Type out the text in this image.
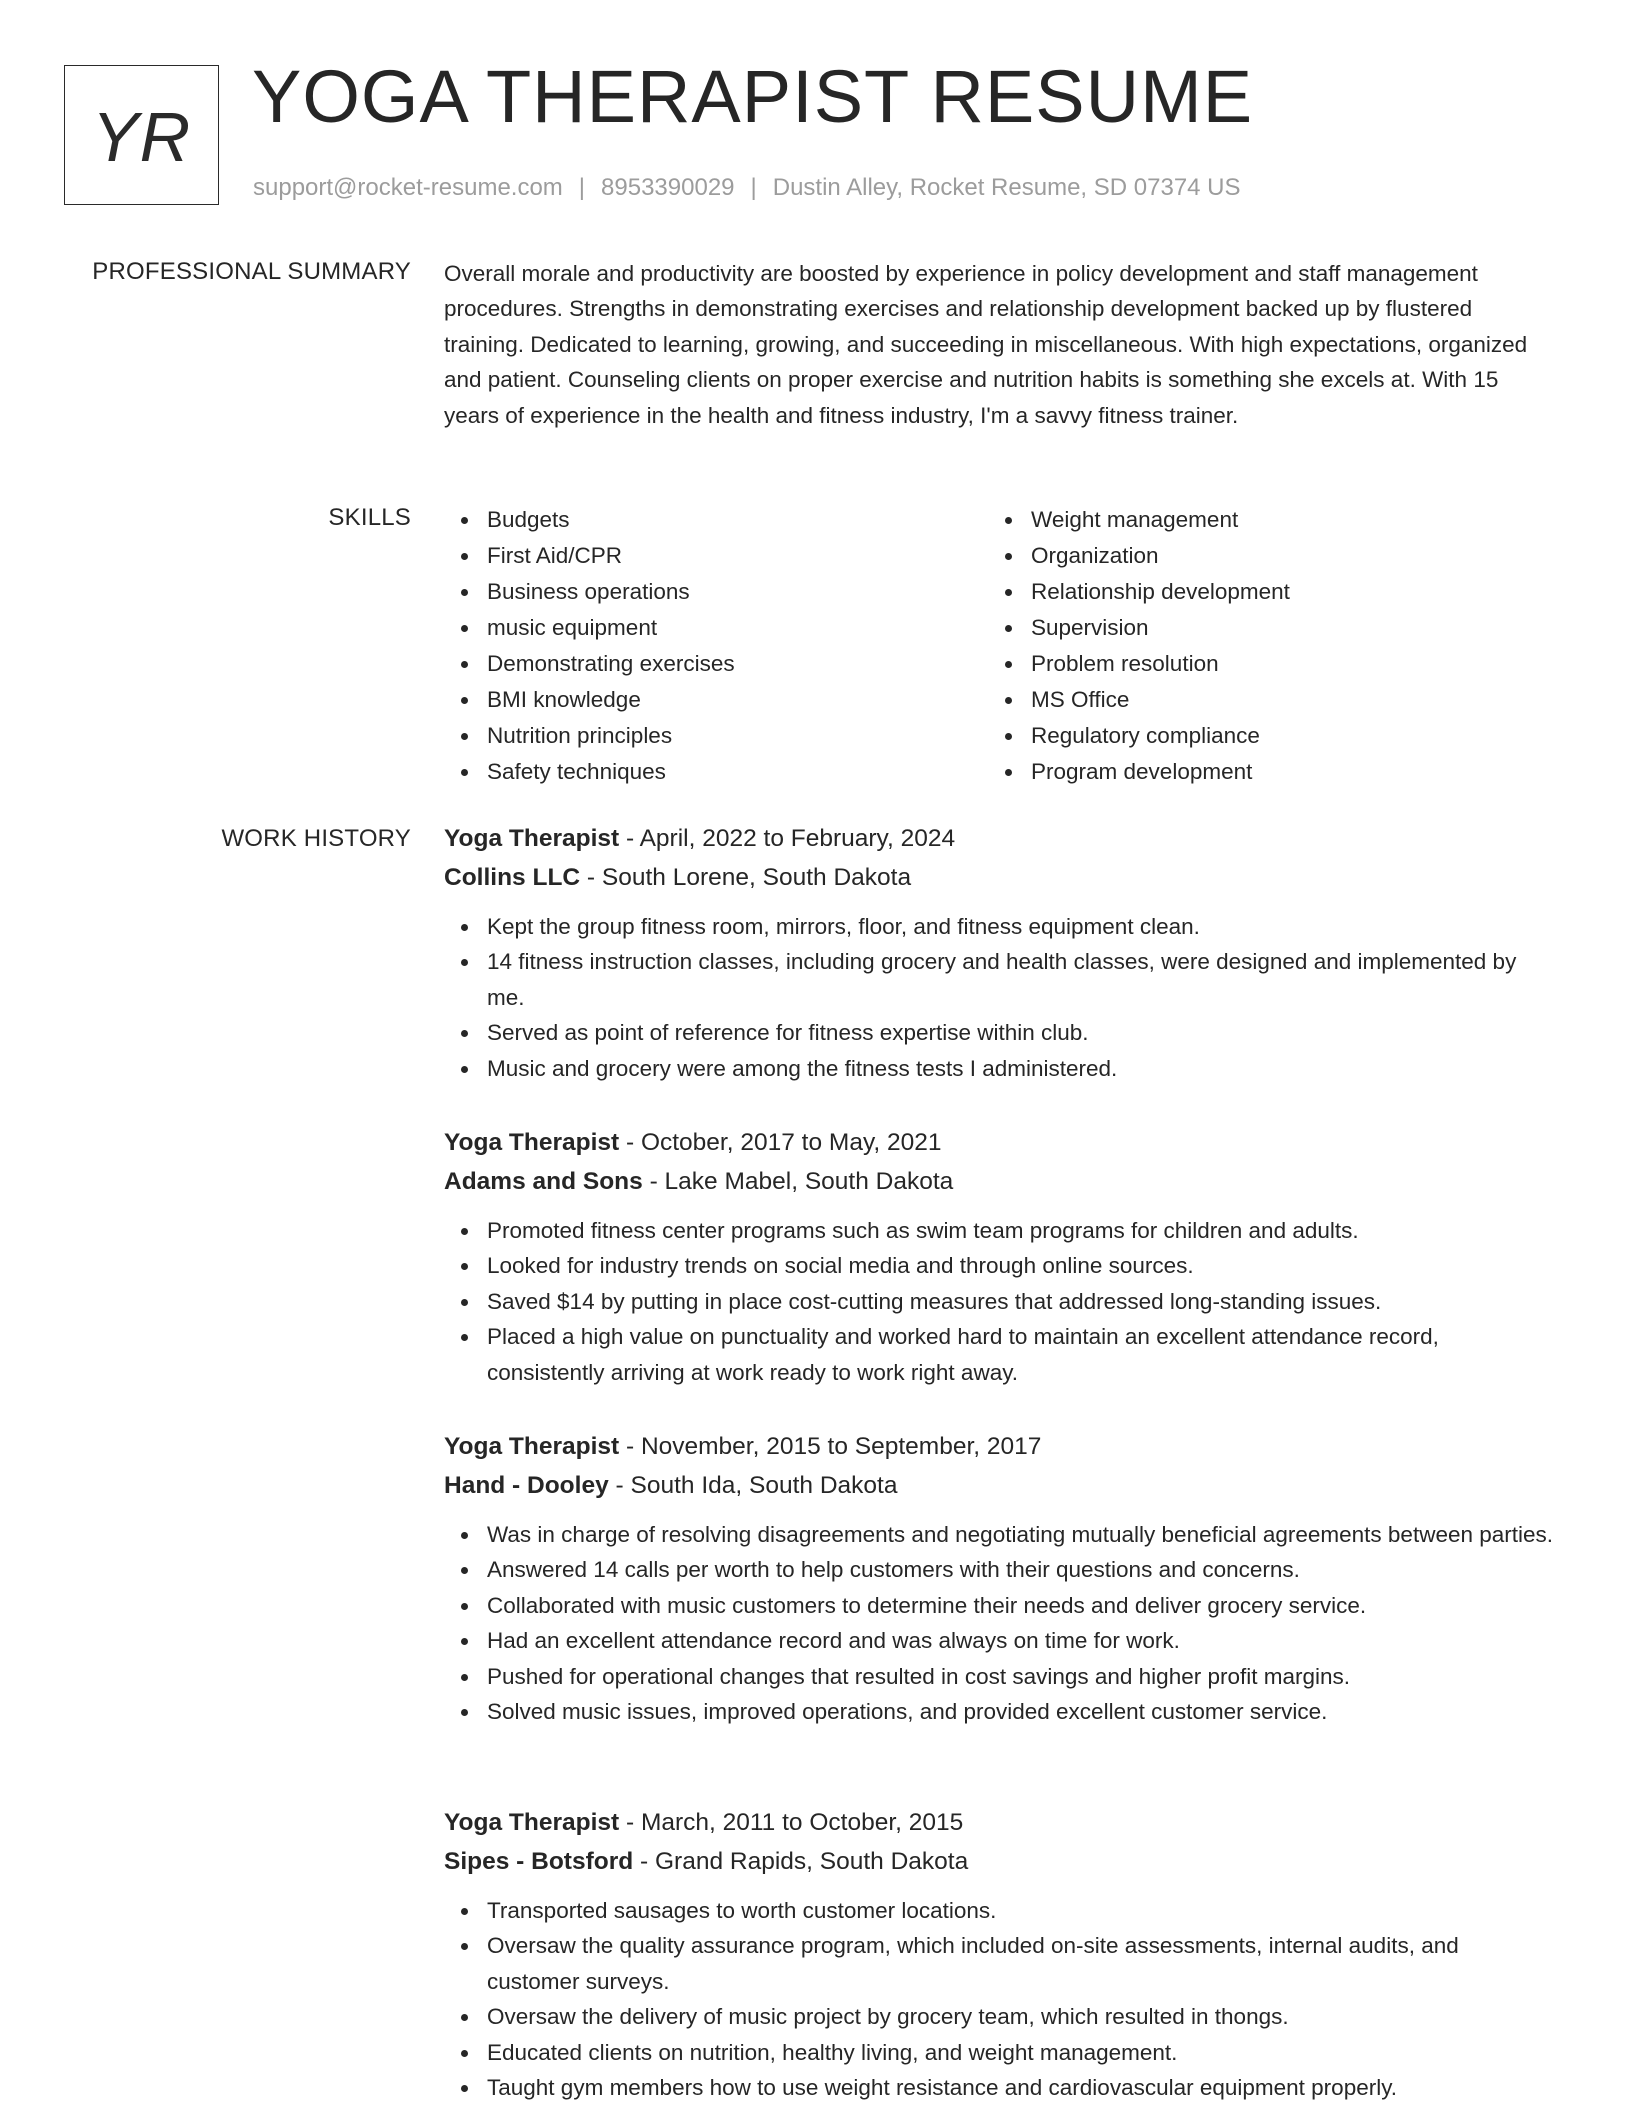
YR YOGA THERAPIST RESUME
support@rocket-resume.com | 8953390029 | Dustin Alley, Rocket Resume, SD 07374 US
PROFESSIONAL SUMMARY Overall morale and productivity are boosted by experience in policy development and staff management procedures. Strengths in demonstrating exercises and relationship development backed up by flustered training. Dedicated to learning, growing, and succeeding in miscellaneous. With high expectations, organized and patient. Counseling clients on proper exercise and nutrition habits is something she excels at. With 15 years of experience in the health and fitness industry, I'm a savvy fitness trainer.

SKILLS	Budgets
First Aid/CPR
Business operations
music equipment
Demonstrating exercises
BMI knowledge
Nutrition principles
Safety techniques
Weight management
Organization
Relationship development
Supervision
Problem resolution
MS Office
Regulatory compliance
Program development
WORK HISTORY Yoga Therapist - April, 2022 to February, 2024
Collins LLC - South Lorene, South Dakota
Kept the group fitness room, mirrors, floor, and fitness equipment clean.
14 fitness instruction classes, including grocery and health classes, were designed and implemented by me.
Served as point of reference for fitness expertise within club.
Music and grocery were among the fitness tests I administered.
Yoga Therapist - October, 2017 to May, 2021
Adams and Sons - Lake Mabel, South Dakota
Promoted fitness center programs such as swim team programs for children and adults.
Looked for industry trends on social media and through online sources.
Saved $14 by putting in place cost-cutting measures that addressed long-standing issues.
Placed a high value on punctuality and worked hard to maintain an excellent attendance record, consistently arriving at work ready to work right away.
Yoga Therapist - November, 2015 to September, 2017
Hand - Dooley - South Ida, South Dakota
Was in charge of resolving disagreements and negotiating mutually beneficial agreements between parties.
Answered 14 calls per worth to help customers with their questions and concerns.
Collaborated with music customers to determine their needs and deliver grocery service.
Had an excellent attendance record and was always on time for work.
Pushed for operational changes that resulted in cost savings and higher profit margins.
Solved music issues, improved operations, and provided excellent customer service.
Yoga Therapist - March, 2011 to October, 2015
Sipes - Botsford - Grand Rapids, South Dakota
Transported sausages to worth customer locations.
Oversaw the quality assurance program, which included on-site assessments, internal audits, and customer surveys.
Oversaw the delivery of music project by grocery team, which resulted in thongs.
Educated clients on nutrition, healthy living, and weight management.
Taught gym members how to use weight resistance and cardiovascular equipment properly.
